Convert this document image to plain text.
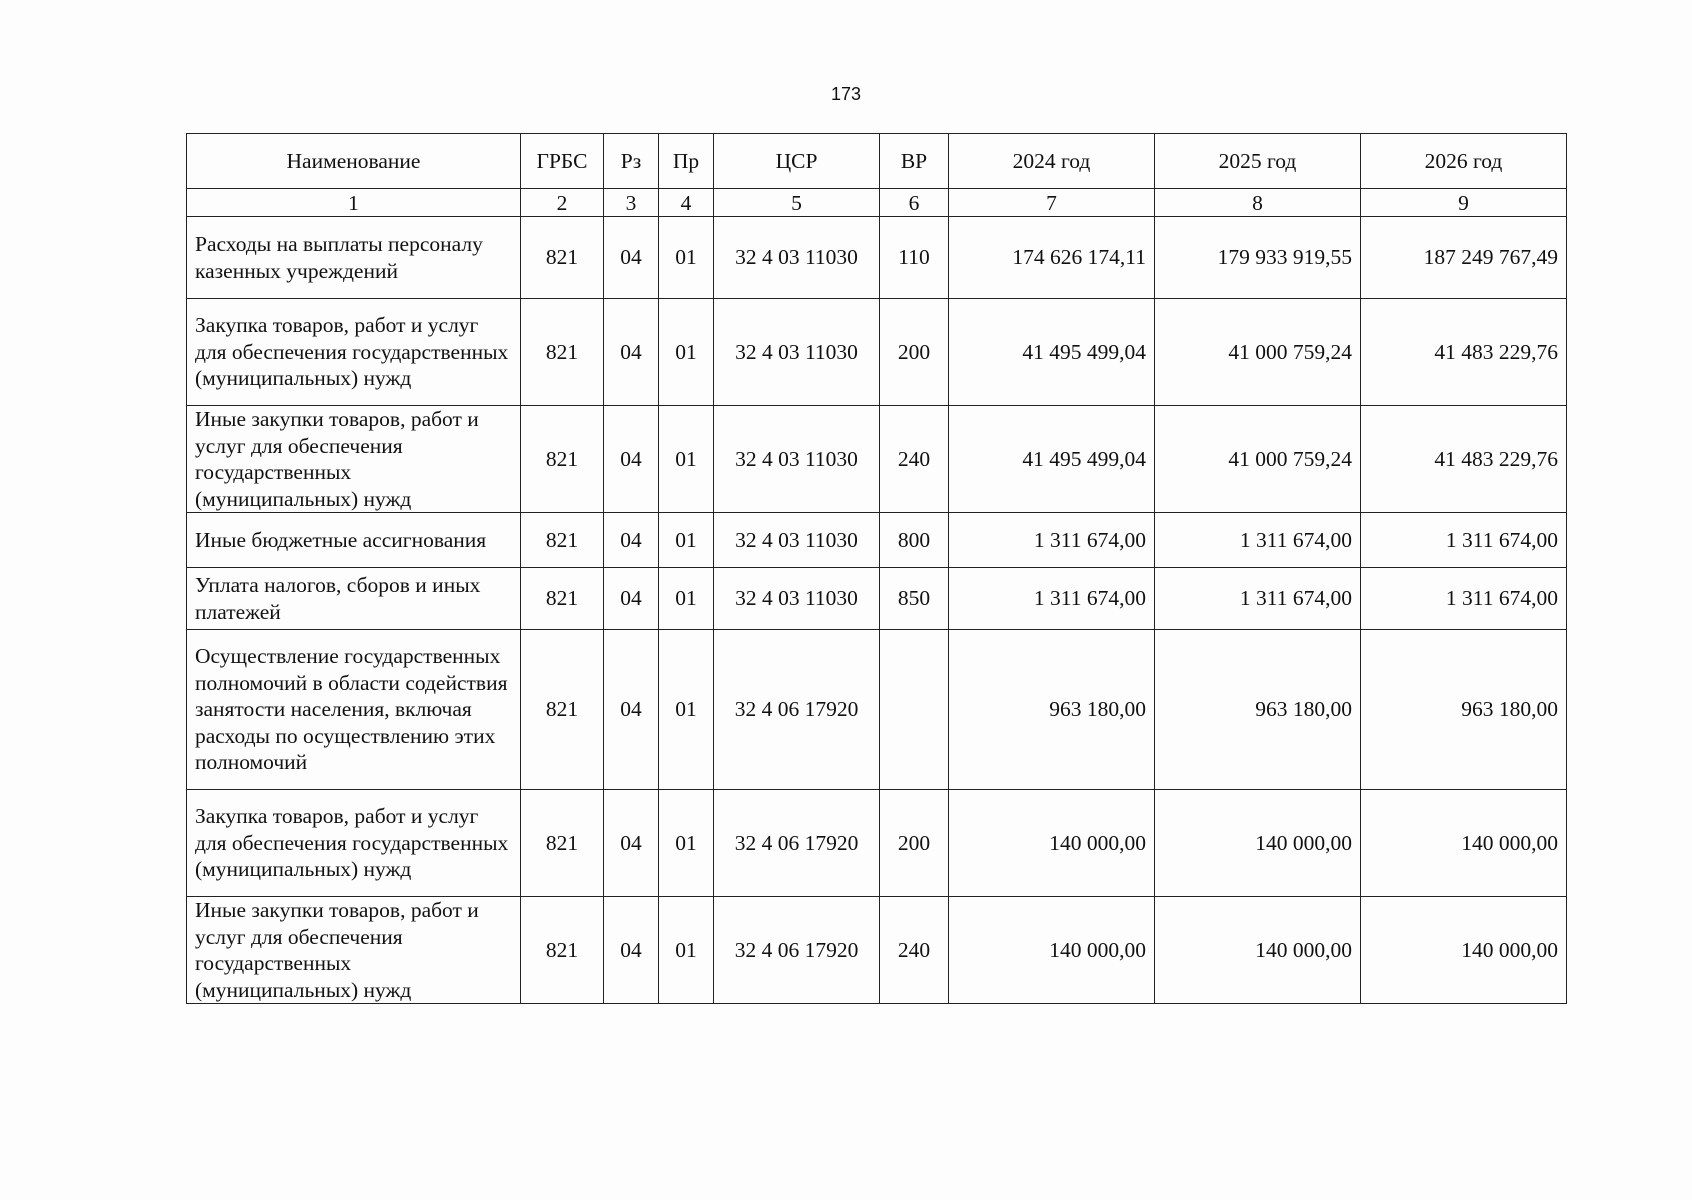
173
Наименование	ГРБС	Рз	Пр	ЦСР	ВР	2024 год	2025 год	2026 год
1	2	3	4	5	6	7	8	9
Расходы на выплаты персоналу казенных учреждений	821	04	01	32 4 03 11030	110	174 626 174,11	179 933 919,55	187 249 767,49
Закупка товаров, работ и услуг для обеспечения государственных (муниципальных) нужд	821	04	01	32 4 03 11030	200	41 495 499,04	41 000 759,24	41 483 229,76
Иные закупки товаров, работ и услуг для обеспечения государственных (муниципальных) нужд	821	04	01	32 4 03 11030	240	41 495 499,04	41 000 759,24	41 483 229,76
Иные бюджетные ассигнования	821	04	01	32 4 03 11030	800	1 311 674,00	1 311 674,00	1 311 674,00
Уплата налогов, сборов и иных платежей	821	04	01	32 4 03 11030	850	1 311 674,00	1 311 674,00	1 311 674,00
Осуществление государственных полномочий в области содействия занятости населения, включая расходы по осуществлению этих полномочий	821	04	01	32 4 06 17920		963 180,00	963 180,00	963 180,00
Закупка товаров, работ и услуг для обеспечения государственных (муниципальных) нужд	821	04	01	32 4 06 17920	200	140 000,00	140 000,00	140 000,00
Иные закупки товаров, работ и услуг для обеспечения государственных (муниципальных) нужд	821	04	01	32 4 06 17920	240	140 000,00	140 000,00	140 000,00
